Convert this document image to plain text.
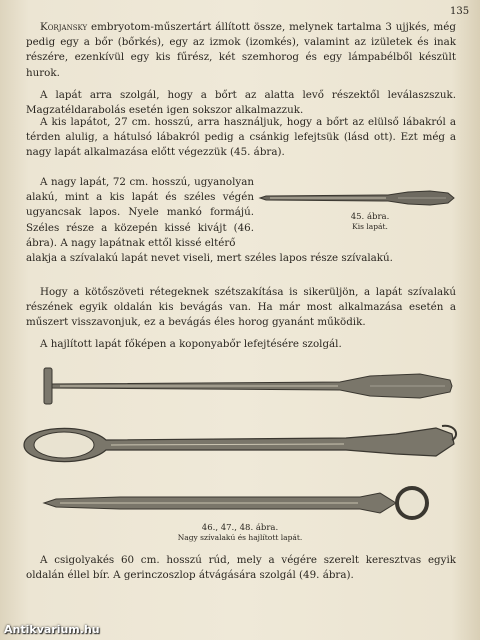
135
Korjansky embryotom-műszertárt állított össze, melynek tartalma 3 ujjkés, még pedig egy a bőr (bőrkés), egy az izmok (izomkés), valamint az izületek és inak részére, ezenkívül egy kis fűrész, két szemhorog és egy lámpabélből készült hurok.
A lapát arra szolgál, hogy a bőrt az alatta levő részektől leválaszszuk. Magzatéldarabolás esetén igen sokszor alkalmazzuk.
A kis lapátot, 27 cm. hosszú, arra használjuk, hogy a bőrt az elülső lábakról a térden alulig, a hátulsó lábakról pedig a csánkig lefejtsük (lásd ott). Ezt még a nagy lapát alkalmazása előtt végezzük (45. ábra).
A nagy lapát, 72 cm. hosszú, ugyanolyan alakú, mint a kis lapát és széles végén ugyancsak lapos. Nyele mankó formájú. Széles része a közepén kissé kivájt (46. ábra). A nagy lapátnak ettől kissé eltérő
45. ábra.
Kis lapát.
alakja a szívalakú lapát nevet viseli, mert széles lapos része szívalakú.
Hogy a kötőszöveti rétegeknek szétszakítása is sikerüljön, a lapát szívalakú részének egyik oldalán kis bevágás van. Ha már most alkalmazása esetén a műszert visszavonjuk, ez a bevágás éles horog gyanánt működik.
A hajlított lapát főképen a koponyabőr lefejtésére szolgál.
46., 47., 48. ábra.
Nagy szívalakú és hajlított lapát.
A csigolyakés 60 cm. hosszú rúd, mely a végére szerelt keresztvas egyik oldalán éllel bír. A gerinczoszlop átvágására szolgál (49. ábra).
Antikvarium.hu
